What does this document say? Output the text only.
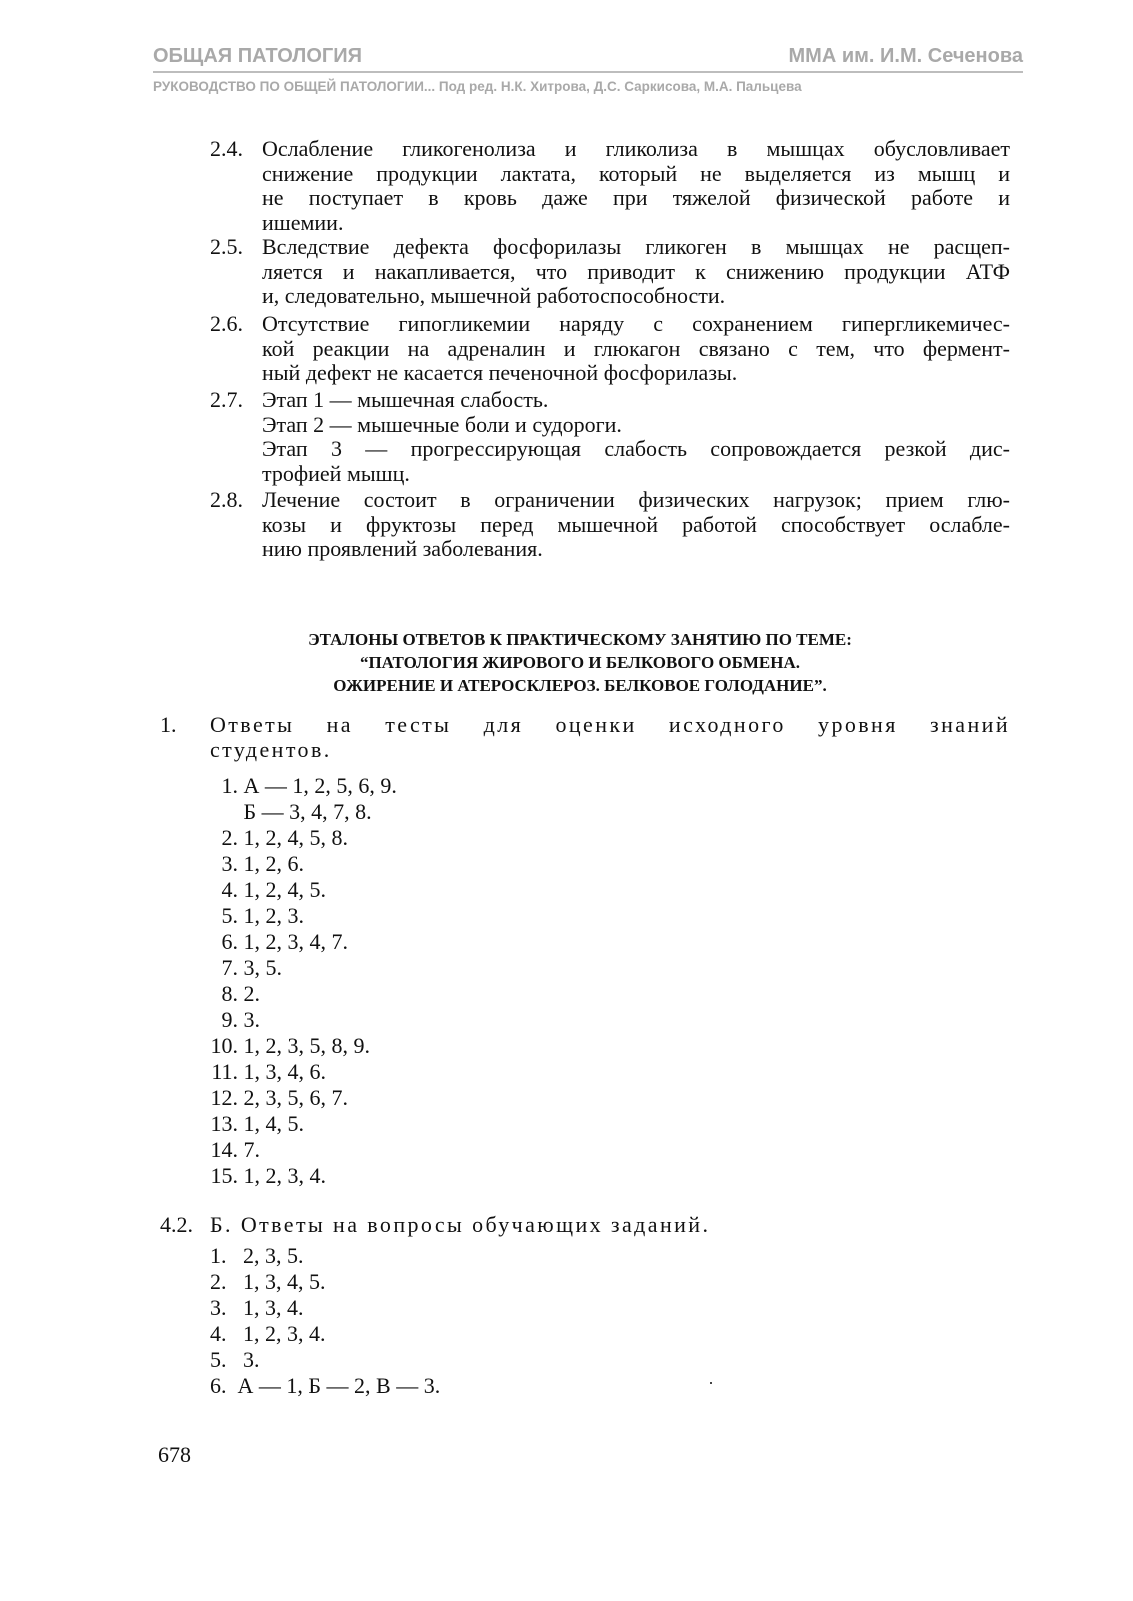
ОБЩАЯ ПАТОЛОГИЯ	ММА им. И.М. Сеченова
РУКОВОДСТВО ПО ОБЩЕЙ ПАТОЛОГИИ... Под ред. Н.К. Хитрова, Д.С. Саркисова, М.А. Пальцева
2.4. Ослабление гликогенолиза и гликолиза в мышцах обусловливает
снижение продукции лактата, который не выделяется из мышц и
не поступает в кровь даже при тяжелой физической работе и
ишемии.
2.5. Вследствие дефекта фосфорилазы гликоген в мышцах не расщеп-
ляется и накапливается, что приводит к снижению продукции АТФ
и, следовательно, мышечной работоспособности.
2.6. Отсутствие гипогликемии наряду с сохранением гипергликемичес-
кой реакции на адреналин и глюкагон связано с тем, что фермент-
ный дефект не касается печеночной фосфорилазы.
2.7. Этап 1 — мышечная слабость.
Этап 2 — мышечные боли и судороги.
Этап 3 — прогрессирующая слабость сопровождается резкой дис-
трофией мышц.
2.8. Лечение состоит в ограничении физических нагрузок; прием глю-
козы и фруктозы перед мышечной работой способствует ослабле-
нию проявлений заболевания.
ЭТАЛОНЫ ОТВЕТОВ К ПРАКТИЧЕСКОМУ ЗАНЯТИЮ ПО ТЕМЕ:
“ПАТОЛОГИЯ ЖИРОВОГО И БЕЛКОВОГО ОБМЕНА.
ОЖИРЕНИЕ И АТЕРОСКЛЕРОЗ. БЕЛКОВОЕ ГОЛОДАНИЕ”.
1. Ответы на тесты для оценки исходного уровня знаний
студентов.
1. А — 1, 2, 5, 6, 9.
Б — 3, 4, 7, 8.
2. 1, 2, 4, 5, 8.
3. 1, 2, 6.
4. 1, 2, 4, 5.
5. 1, 2, 3.
6. 1, 2, 3, 4, 7.
7. 3, 5.
8. 2.
9. 3.
10. 1, 2, 3, 5, 8, 9.
11. 1, 3, 4, 6.
12. 2, 3, 5, 6, 7.
13. 1, 4, 5.
14. 7.
15. 1, 2, 3, 4.
4.2. Б. Ответы на вопросы обучающих заданий.
1. 2, 3, 5.
2. 1, 3, 4, 5.
3. 1, 3, 4.
4. 1, 2, 3, 4.
5. 3.
6. А — 1, Б — 2, В — 3.
678
